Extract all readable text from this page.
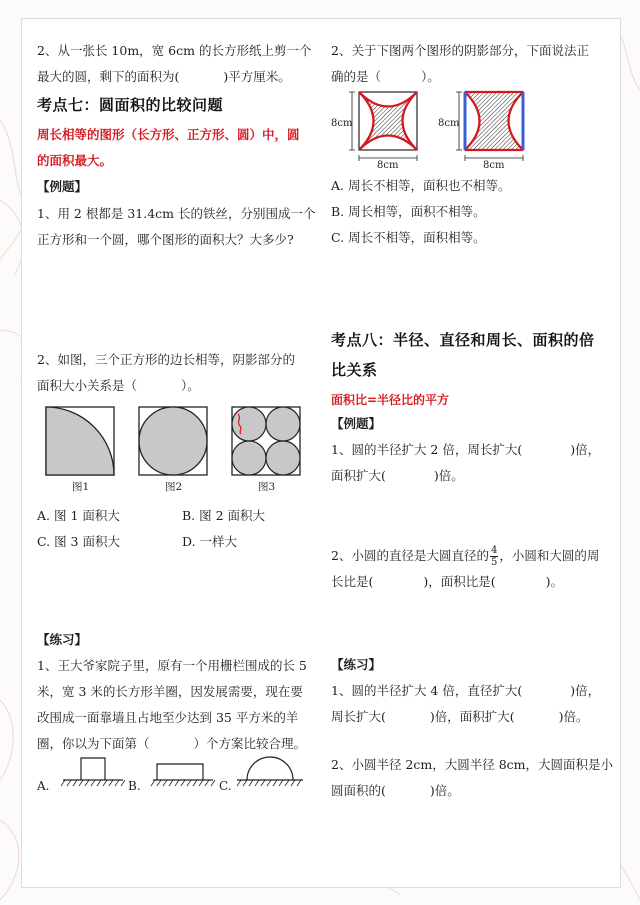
2、从一张长 10m，宽 6cm 的长方形纸上剪一个

最大的圆，剩下的面积为(	)平方厘米。

考点七：圆面积的比较问题

周长相等的图形（长方形、正方形、圆）中，圆

的面积最大。

【例题】

1、用 2 根都是 31.4cm 长的铁丝，分别围成一个

正方形和一个圆，哪个图形的面积大？大多少?

2、如图，三个正方形的边长相等，阴影部分的

面积大小关系是（	）。

图1	图2	图3

A. 图 1 面积大	B. 图 2 面积大

C. 图 3 面积大	D. 一样大

【练习】

1、王大爷家院子里，原有一个用栅栏围成的长 5

米，宽 3 米的长方形羊圈，因发展需要，现在要

改围成一面靠墙且占地至少达到 35 平方米的羊

圈，你以为下面第（	）个方案比较合理。

A.	B.	C.

2、关于下图两个图形的阴影部分，下面说法正

确的是（	）。

8cm
8cm
8cm
8cm

A. 周长不相等，面积也不相等。

B. 周长相等，面积不相等。

C. 周长不相等，面积相等。

考点八：半径、直径和周长、面积的倍

比关系

面积比=半径比的平方

【例题】

1、圆的半径扩大 2 倍，周长扩大(	)倍，

面积扩大(	)倍。

2、小圆的直径是大圆直径的 $\frac{4}{5}$ ，小圆和大圆的周

长比是(	)，面积比是(	)。

【练习】

1、圆的半径扩大 4 倍，直径扩大(	)倍，

周长扩大(	)倍，面积扩大(	)倍。

2、小圆半径 2cm，大圆半径 8cm，大圆面积是小

圆面积的(	)倍。
